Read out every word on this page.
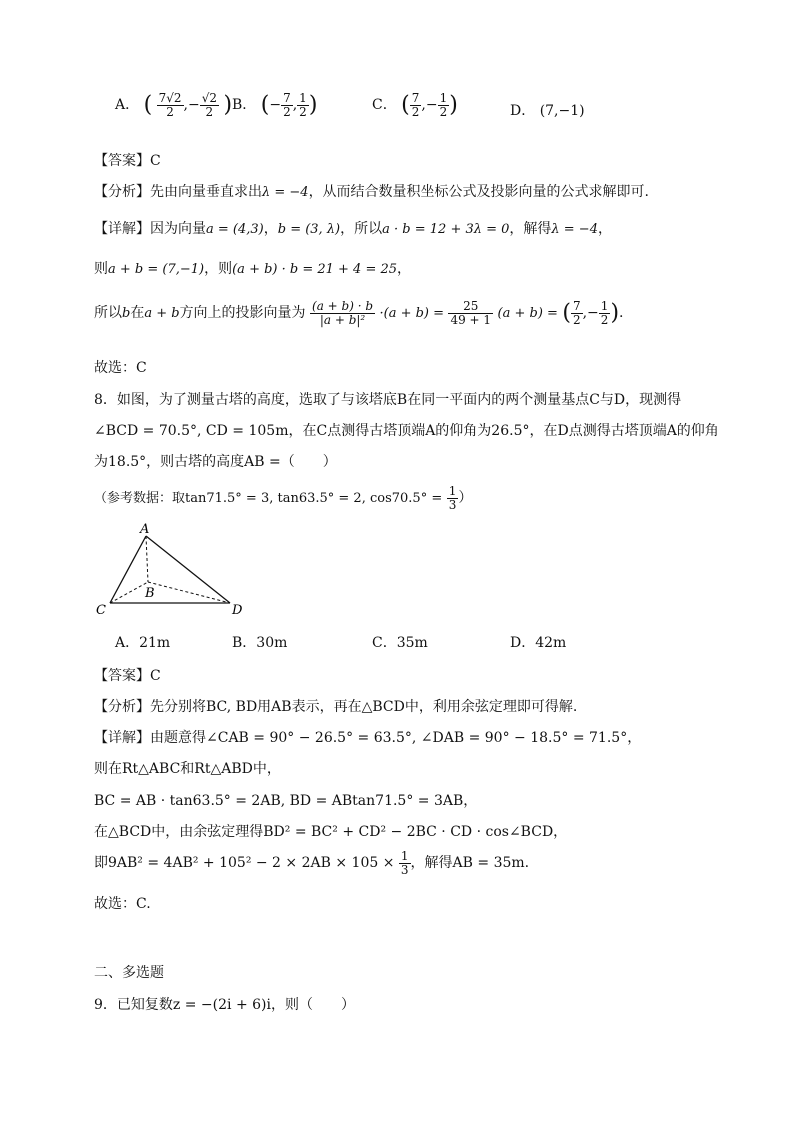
A． ( $\frac{7√2}{2}$ ,− $\frac{√2}{2}$ ) B． (− $\frac{7}{2}$ , $\frac{1}{2}$ )	C． ( $\frac{7}{2}$ ,− $\frac{1}{2}$ )	D． (7,−1)
【答案】C
【分析】先由向量垂直求出λ = −4，从而结合数量积坐标公式及投影向量的公式求解即可.
【详解】因为向量a = (4,3)，b = (3, λ)，所以a · b = 12 + 3λ = 0，解得λ = −4，
则a + b = (7,−1)，则(a + b) · b = 21 + 4 = 25，
所以b在a + b方向上的投影向量为 $\frac{(a + b) \cdot b}{\text{|a + b|²}} \cdot(a + b) = \frac{25}{49 + 1} (a + b)$ = ( $\frac{7}{2}$ ,− $\frac{1}{2}$ ).
故选：C
8．如图，为了测量古塔的高度，选取了与该塔底B在同一平面内的两个测量基点C与D，现测得
∠BCD = 70.5°, CD = 105m，在C点测得古塔顶端A的仰角为26.5°，在D点测得古塔顶端A的仰角
为18.5°，则古塔的高度AB =（　　）
（参考数据：取tan71.5° = 3, tan63.5° = 2, $\cos 70.5^\circ = \frac{1}{3}$ ）
A
B
C	D
A．21m	B．30m	C．35m	D．42m
【答案】C
【分析】先分别将BC, BD用AB表示，再在△BCD中，利用余弦定理即可得解.
【详解】由题意得∠CAB = 90° − 26.5° = 63.5°, ∠DAB = 90° − 18.5° = 71.5°，
则在Rt△ABC和Rt△ABD中，
BC = AB · tan63.5° = 2AB, BD = ABtan71.5° = 3AB，
在△BCD中，由余弦定理得BD² = BC² + CD² − 2BC · CD · cos∠BCD，
即$9AB^2 = 4AB^2 + 105^2 - 2 \times 2AB \times 105 \times \frac{1}{3}$ ，解得AB = 35m.
故选：C.
二、多选题
9．已知复数z = −(2i + 6)i，则（　　）
